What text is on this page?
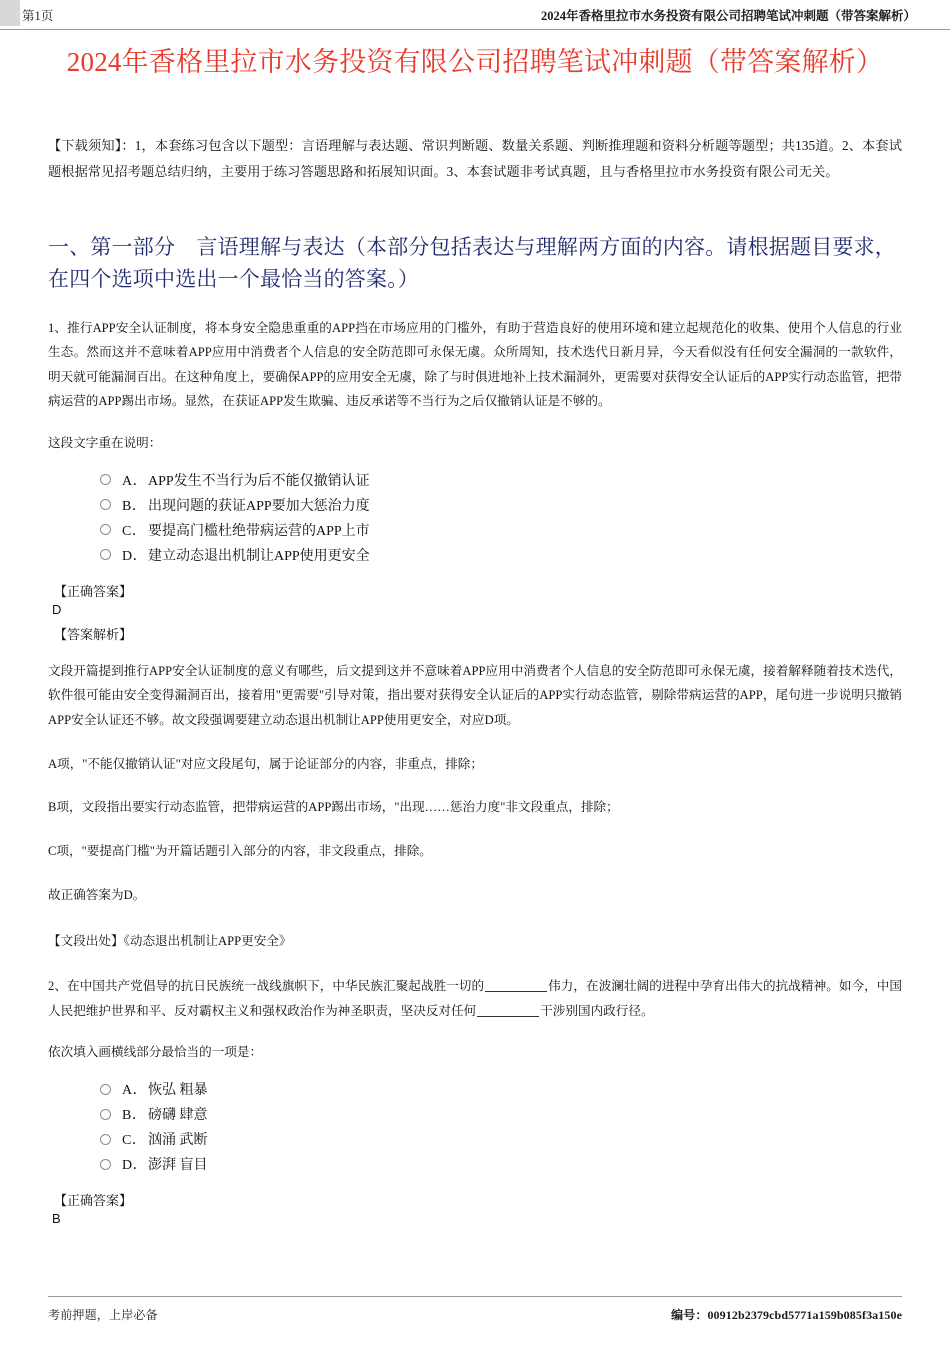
第1页	2024年香格里拉市水务投资有限公司招聘笔试冲刺题（带答案解析）
2024年香格里拉市水务投资有限公司招聘笔试冲刺题（带答案解析）
【下载须知】：1，本套练习包含以下题型：言语理解与表达题、常识判断题、数量关系题、判断推理题和资料分析题等题型；共135道。2、本套试题根据常见招考题总结归纳，主要用于练习答题思路和拓展知识面。3、本套试题非考试真题，且与香格里拉市水务投资有限公司无关。
一、第一部分　言语理解与表达（本部分包括表达与理解两方面的内容。请根据题目要求，在四个选项中选出一个最恰当的答案。）
1、推行APP安全认证制度，将本身安全隐患重重的APP挡在市场应用的门槛外，有助于营造良好的使用环境和建立起规范化的收集、使用个人信息的行业生态。然而这并不意味着APP应用中消费者个人信息的安全防范即可永保无虞。众所周知，技术迭代日新月异，今天看似没有任何安全漏洞的一款软件，明天就可能漏洞百出。在这种角度上，要确保APP的应用安全无虞，除了与时俱进地补上技术漏洞外，更需要对获得安全认证后的APP实行动态监管，把带病运营的APP踢出市场。显然，在获证APP发生欺骗、违反承诺等不当行为之后仅撤销认证是不够的。
这段文字重在说明：
A． APP发生不当行为后不能仅撤销认证
B． 出现问题的获证APP要加大惩治力度
C． 要提高门槛杜绝带病运营的APP上市
D． 建立动态退出机制让APP使用更安全
【正确答案】
D
【答案解析】
文段开篇提到推行APP安全认证制度的意义有哪些，后文提到这并不意味着APP应用中消费者个人信息的安全防范即可永保无虞，接着解释随着技术迭代，软件很可能由安全变得漏洞百出，接着用"更需要"引导对策，指出要对获得安全认证后的APP实行动态监管，剔除带病运营的APP，尾句进一步说明只撤销APP安全认证还不够。故文段强调要建立动态退出机制让APP使用更安全，对应D项。
A项，"不能仅撤销认证"对应文段尾句，属于论证部分的内容，非重点，排除；
B项，文段指出要实行动态监管，把带病运营的APP踢出市场，"出现……惩治力度"非文段重点，排除；
C项，"要提高门槛"为开篇话题引入部分的内容，非文段重点，排除。
故正确答案为D。
【文段出处】《动态退出机制让APP更安全》
2、在中国共产党倡导的抗日民族统一战线旗帜下，中华民族汇聚起战胜一切的	伟力，在波澜壮阔的进程中孕育出伟大的抗战精神。如今，中国人民把维护世界和平、反对霸权主义和强权政治作为神圣职责，坚决反对任何	干涉别国内政行径。
依次填入画横线部分最恰当的一项是：
A． 恢弘 粗暴
B． 磅礴 肆意
C． 汹涌 武断
D． 澎湃 盲目
【正确答案】
B
考前押题，上岸必备	编号：00912b2379cbd5771a159b085f3a150e
